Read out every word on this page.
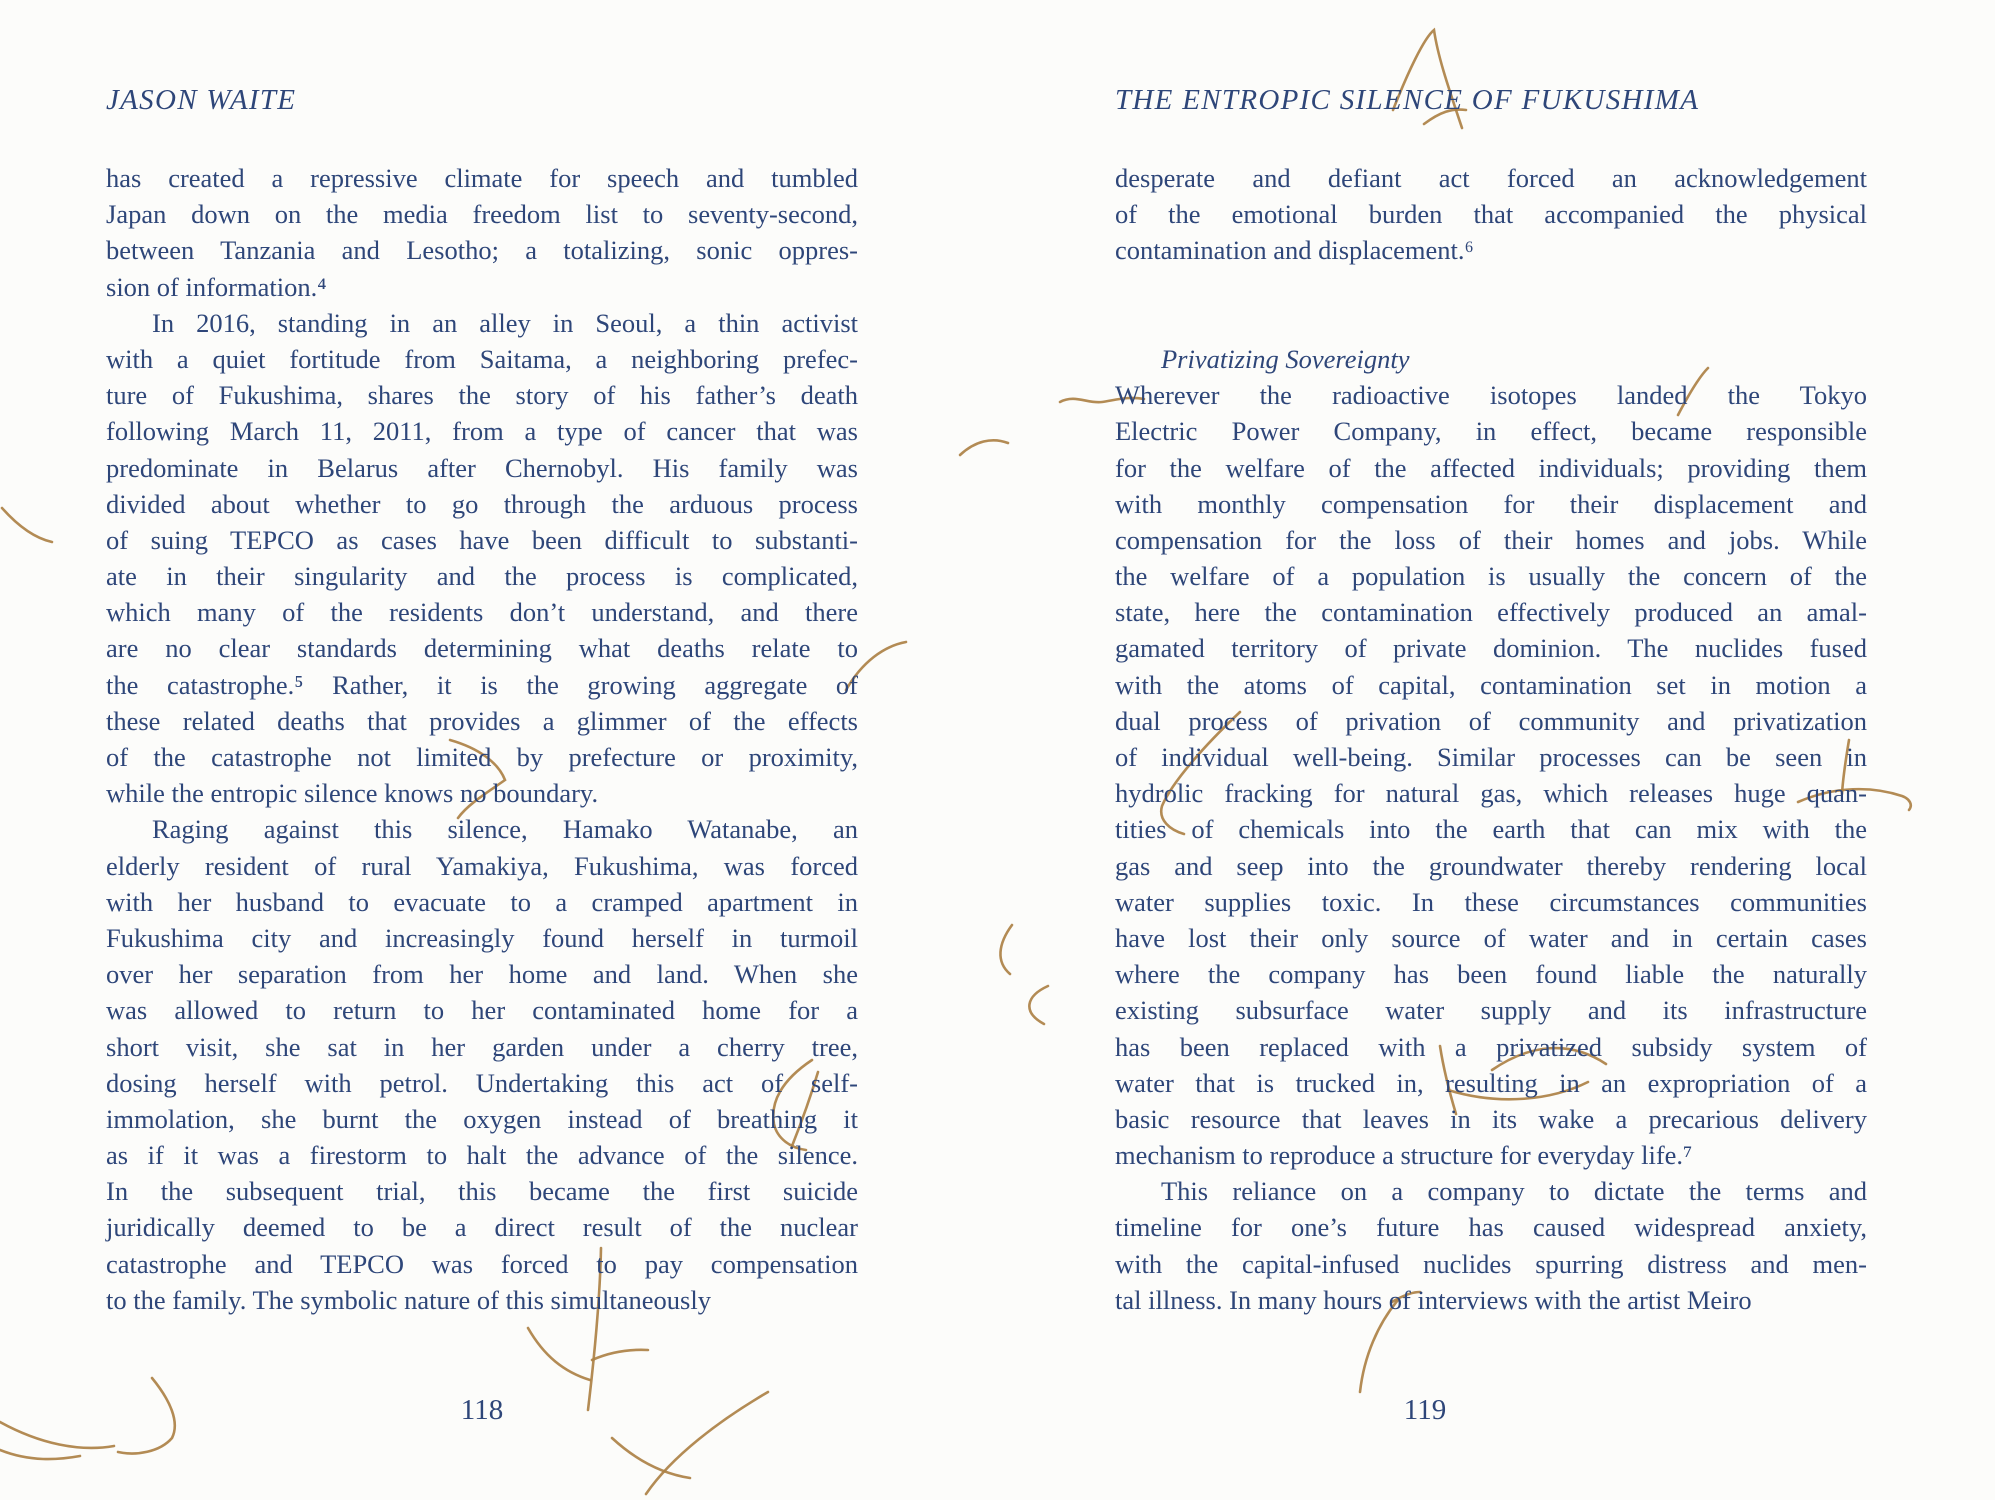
JASON WAITE	THE ENTROPIC SILENCE OF FUKUSHIMA
has created a repressive climate for speech and tumbled
Japan down on the media freedom list to seventy-second,
between Tanzania and Lesotho; a totalizing, sonic oppres-
sion of information.⁴
In 2016, standing in an alley in Seoul, a thin activist
with a quiet fortitude from Saitama, a neighboring prefec-
ture of Fukushima, shares the story of his father’s death
following March 11, 2011, from a type of cancer that was
predominate in Belarus after Chernobyl. His family was
divided about whether to go through the arduous process
of suing TEPCO as cases have been difficult to substanti-
ate in their singularity and the process is complicated,
which many of the residents don’t understand, and there
are no clear standards determining what deaths relate to
the catastrophe.⁵ Rather, it is the growing aggregate of
these related deaths that provides a glimmer of the effects
of the catastrophe not limited by prefecture or proximity,
while the entropic silence knows no boundary.
Raging against this silence, Hamako Watanabe, an
elderly resident of rural Yamakiya, Fukushima, was forced
with her husband to evacuate to a cramped apartment in
Fukushima city and increasingly found herself in turmoil
over her separation from her home and land. When she
was allowed to return to her contaminated home for a
short visit, she sat in her garden under a cherry tree,
dosing herself with petrol. Undertaking this act of self-
immolation, she burnt the oxygen instead of breathing it
as if it was a firestorm to halt the advance of the silence.
In the subsequent trial, this became the first suicide
juridically deemed to be a direct result of the nuclear
catastrophe and TEPCO was forced to pay compensation
to the family. The symbolic nature of this simultaneously
desperate and defiant act forced an acknowledgement
of the emotional burden that accompanied the physical
contamination and displacement.⁶

Privatizing Sovereignty
Wherever the radioactive isotopes landed the Tokyo
Electric Power Company, in effect, became responsible
for the welfare of the affected individuals; providing them
with monthly compensation for their displacement and
compensation for the loss of their homes and jobs. While
the welfare of a population is usually the concern of the
state, here the contamination effectively produced an amal-
gamated territory of private dominion. The nuclides fused
with the atoms of capital, contamination set in motion a
dual process of privation of community and privatization
of individual well-being. Similar processes can be seen in
hydrolic fracking for natural gas, which releases huge quan-
tities of chemicals into the earth that can mix with the
gas and seep into the groundwater thereby rendering local
water supplies toxic. In these circumstances communities
have lost their only source of water and in certain cases
where the company has been found liable the naturally
existing subsurface water supply and its infrastructure
has been replaced with a privatized subsidy system of
water that is trucked in, resulting in an expropriation of a
basic resource that leaves in its wake a precarious delivery
mechanism to reproduce a structure for everyday life.⁷
This reliance on a company to dictate the terms and
timeline for one’s future has caused widespread anxiety,
with the capital-infused nuclides spurring distress and men-
tal illness. In many hours of interviews with the artist Meiro
118	119
